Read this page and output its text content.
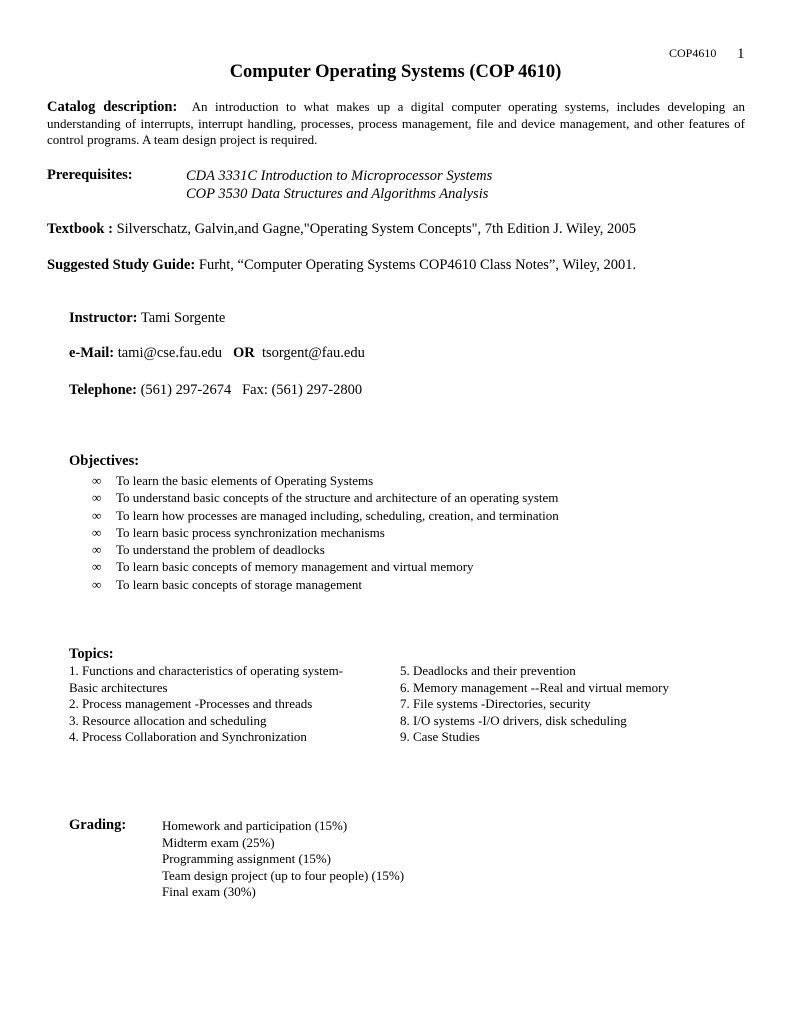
COP4610 1
Computer Operating Systems (COP 4610)
Catalog description: An introduction to what makes up a digital computer operating systems, includes developing an understanding of interrupts, interrupt handling, processes, process management, file and device management, and other features of control programs. A team design project is required.
Prerequisites:	CDA 3331C Introduction to Microprocessor Systems
COP 3530 Data Structures and Algorithms Analysis
Textbook : Silverschatz, Galvin,and Gagne,"Operating System Concepts", 7th Edition J. Wiley, 2005
Suggested Study Guide: Furht, “Computer Operating Systems COP4610 Class Notes”, Wiley, 2001.
Instructor: Tami Sorgente
e-Mail: tami@cse.fau.edu OR tsorgent@fau.edu
Telephone: (561) 297-2674 Fax: (561) 297-2800
Objectives:
∞	To learn the basic elements of Operating Systems
∞	To understand basic concepts of the structure and architecture of an operating system
∞	To learn how processes are managed including, scheduling, creation, and termination
∞	To learn basic process synchronization mechanisms
∞	To understand the problem of deadlocks
∞	To learn basic concepts of memory management and virtual memory
∞	To learn basic concepts of storage management
Topics:
1. Functions and characteristics of operating system-
Basic architectures
2. Process management -Processes and threads
3. Resource allocation and scheduling
4. Process Collaboration and Synchronization
5. Deadlocks and their prevention
6. Memory management --Real and virtual memory
7. File systems -Directories, security
8. I/O systems -I/O drivers, disk scheduling
9. Case Studies
Grading:	Homework and participation (15%)
Midterm exam (25%)
Programming assignment (15%)
Team design project (up to four people) (15%)
Final exam (30%)
